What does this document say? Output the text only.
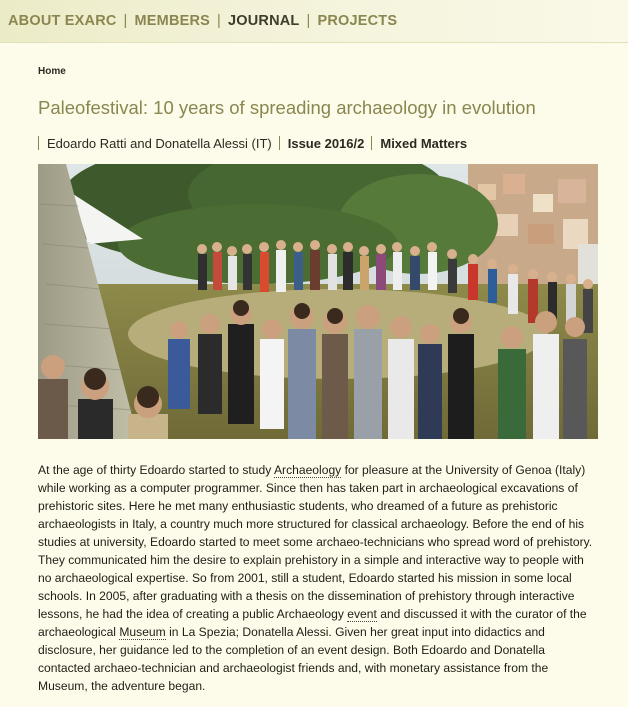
ABOUT EXARC | MEMBERS | JOURNAL | PROJECTS
Home
Paleofestival: 10 years of spreading archaeology in evolution
Edoardo Ratti and Donatella Alessi (IT) Issue 2016/2 Mixed Matters

At the age of thirty Edoardo started to study Archaeology for pleasure at the University of Genoa (Italy) while working as a computer programmer. Since then has taken part in archaeological excavations of prehistoric sites. Here he met many enthusiastic students, who dreamed of a future as prehistoric archaeologists in Italy, a country much more structured for classical archaeology. Before the end of his studies at university, Edoardo started to meet some archaeo-technicians who spread word of prehistory. They communicated him the desire to explain prehistory in a simple and interactive way to people with no archaeological expertise. So from 2001, still a student, Edoardo started his mission in some local schools. In 2005, after graduating with a thesis on the dissemination of prehistory through interactive lessons, he had the idea of creating a public Archaeology event and discussed it with the curator of the archaeological Museum in La Spezia; Donatella Alessi. Given her great input into didactics and disclosure, her guidance led to the completion of an event design. Both Edoardo and Donatella contacted archaeo-technician and archaeologist friends and, with monetary assistance from the Museum, the adventure began.
